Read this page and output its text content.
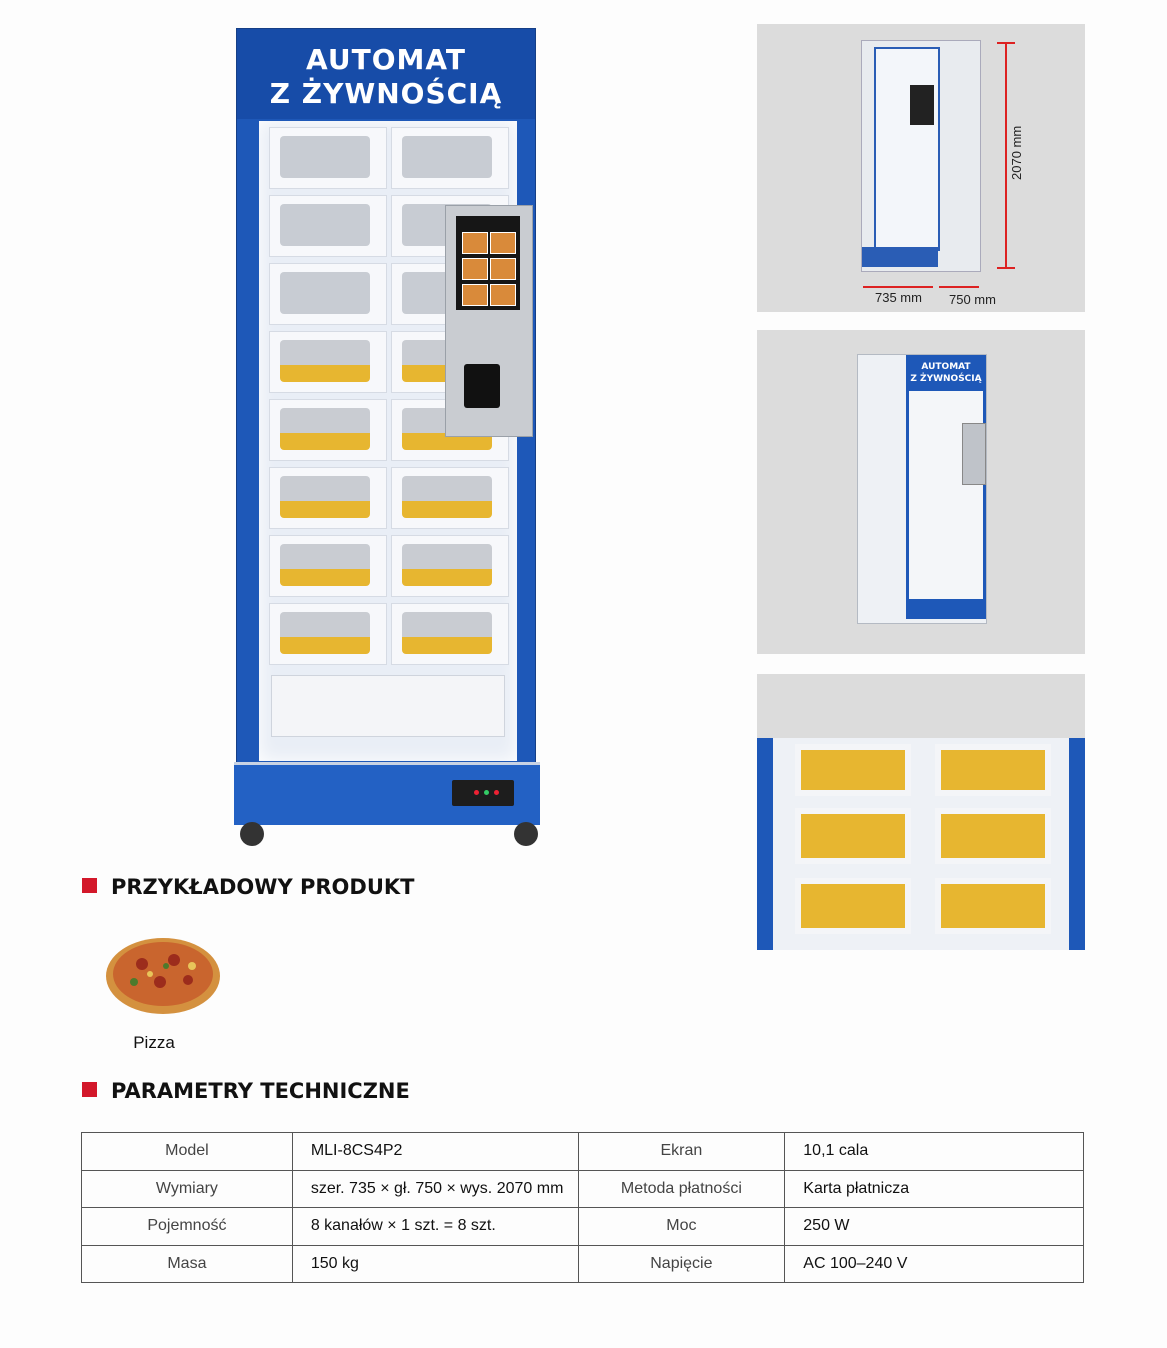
AUTOMAT
Z ŻYWNOŚCIĄ
2070 mm
735 mm 750 mm
AUTOMAT
Z ŻYWNOŚCIĄ
PRZYKŁADOWY PRODUKT
Pizza
PARAMETRY TECHNICZNE
Model	MLI-8CS4P2	Ekran	10,1 cala
Wymiary	szer. 735 × gł. 750 × wys. 2070 mm	Metoda płatności	Karta płatnicza
Pojemność	8 kanałów × 1 szt. = 8 szt.	Moc	250 W
Masa	150 kg	Napięcie	AC 100–240 V
